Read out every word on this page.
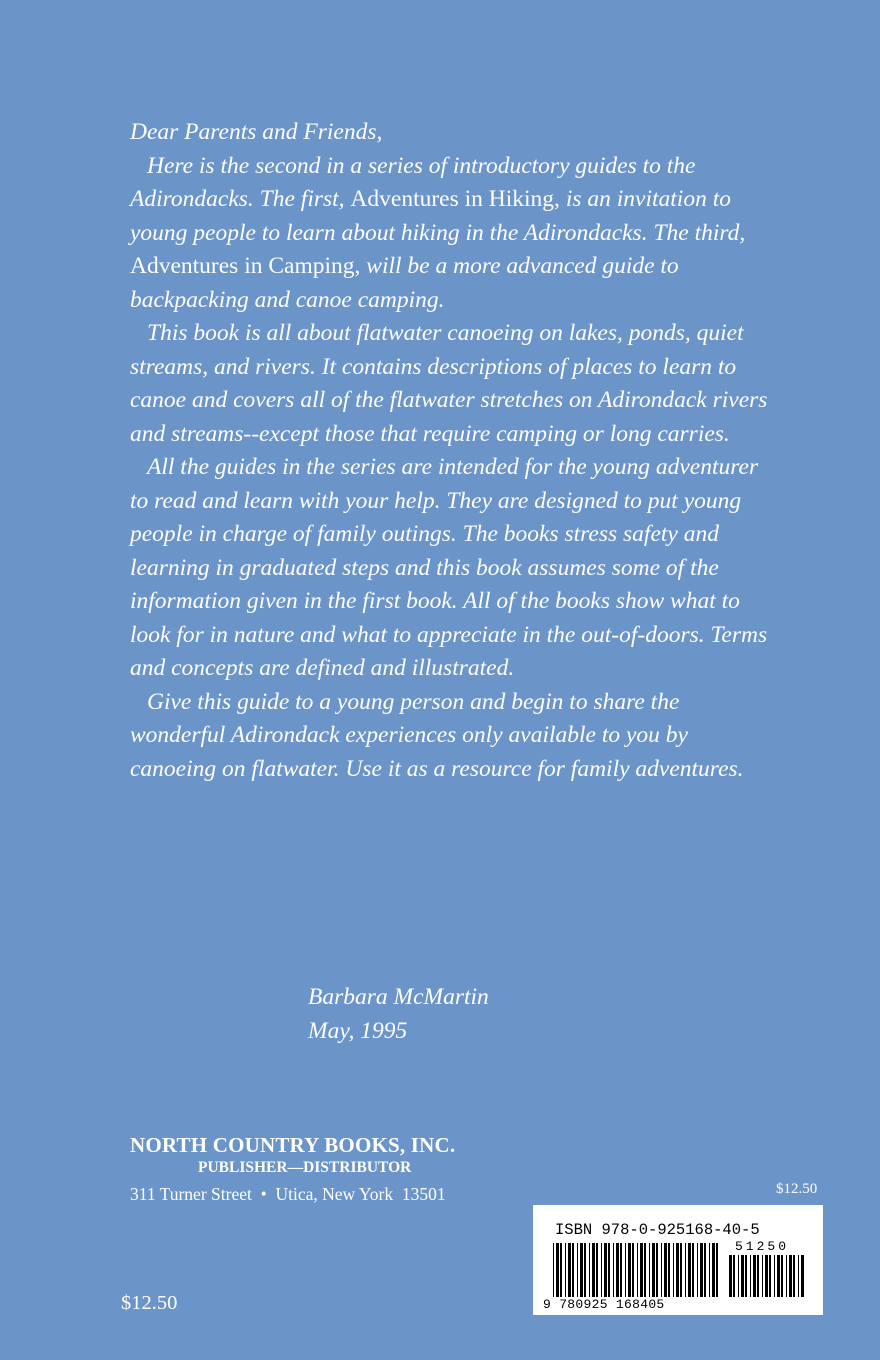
Dear Parents and Friends,

Here is the second in a series of introductory guides to the Adirondacks. The first, Adventures in Hiking, is an invitation to young people to learn about hiking in the Adirondacks. The third, Adventures in Camping, will be a more advanced guide to backpacking and canoe camping.

This book is all about flatwater canoeing on lakes, ponds, quiet streams, and rivers. It contains descriptions of places to learn to canoe and covers all of the flatwater stretches on Adirondack rivers and streams--except those that require camping or long carries.

All the guides in the series are intended for the young adventurer to read and learn with your help. They are designed to put young people in charge of family outings. The books stress safety and learning in graduated steps and this book assumes some of the information given in the first book. All of the books show what to look for in nature and what to appreciate in the out-of-doors. Terms and concepts are defined and illustrated.

Give this guide to a young person and begin to share the wonderful Adirondack experiences only available to you by canoeing on flatwater. Use it as a resource for family adventures.

Barbara McMartin
May, 1995
NORTH COUNTRY BOOKS, INC.
PUBLISHER—DISTRIBUTOR
311 Turner Street  •  Utica, New York  13501	$12.50
$12.50
ISBN 978-0-925168-40-5
51250
9 780925 168405
